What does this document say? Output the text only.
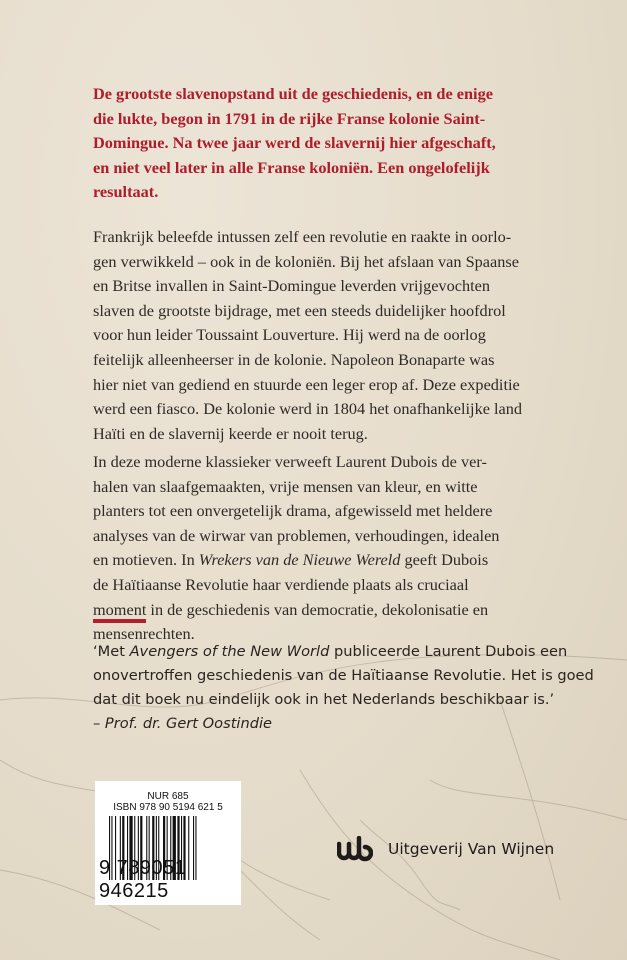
De grootste slavenopstand uit de geschiedenis, en de enige
die lukte, begon in 1791 in de rijke Franse kolonie Saint-
Domingue. Na twee jaar werd de slavernij hier afgeschaft,
en niet veel later in alle Franse koloniën. Een ongelofelijk
resultaat.
Frankrijk beleefde intussen zelf een revolutie en raakte in oorlo-
gen verwikkeld – ook in de koloniën. Bij het afslaan van Spaanse
en Britse invallen in Saint-Domingue leverden vrijgevochten
slaven de grootste bijdrage, met een steeds duidelijker hoofdrol
voor hun leider Toussaint Louverture. Hij werd na de oorlog
feitelijk alleenheerser in de kolonie. Napoleon Bonaparte was
hier niet van gediend en stuurde een leger erop af. Deze expeditie
werd een fiasco. De kolonie werd in 1804 het onafhankelijke land
Haïti en de slavernij keerde er nooit terug.
In deze moderne klassieker verweeft Laurent Dubois de ver-
halen van slaafgemaakten, vrije mensen van kleur, en witte
planters tot een onvergetelijk drama, afgewisseld met heldere
analyses van de wirwar van problemen, verhoudingen, idealen
en motieven. In Wrekers van de Nieuwe Wereld geeft Dubois
de Haïtiaanse Revolutie haar verdiende plaats als cruciaal
moment in de geschiedenis van democratie, dekolonisatie en
mensenrechten.
‘Met Avengers of the New World publiceerde Laurent Dubois een
onovertroffen geschiedenis van de Haïtiaanse Revolutie. Het is goed
dat dit boek nu eindelijk ook in het Nederlands beschikbaar is.’
– Prof. dr. Gert Oostindie
NUR 685
ISBN 978 90 5194 621 5
9 789051 946215
Uitgeverij Van Wijnen
